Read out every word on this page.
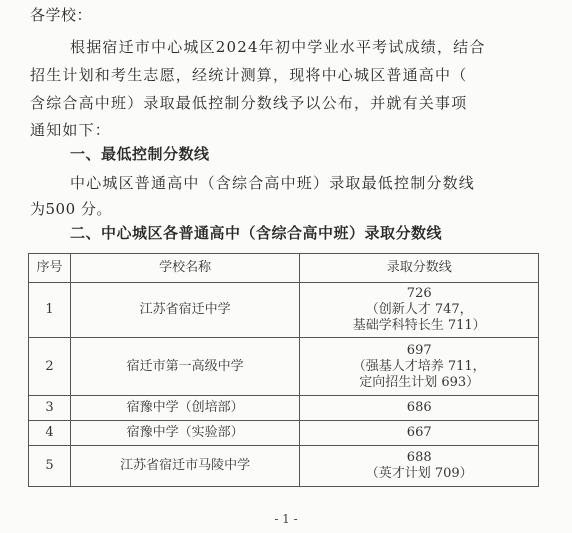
各学校：
根据宿迁市中心城区2024年初中学业水平考试成绩，结合
招生计划和考生志愿，经统计测算，现将中心城区普通高中（
含综合高中班）录取最低控制分数线予以公布，并就有关事项
通知如下：
一、最低控制分数线
中心城区普通高中（含综合高中班）录取最低控制分数线
为500 分。
二、中心城区各普通高中（含综合高中班）录取分数线
序号	学校名称	录取分数线
1	江苏省宿迁中学	726
（创新人才 747，
基础学科特长生 711）

2	宿迁市第一高级中学	697
（强基人才培养 711，
定向招生计划 693）

3	宿豫中学（创培部）	686
4	宿豫中学（实验部）	667
5	江苏省宿迁市马陵中学	688
（英才计划 709）
- 1 -
